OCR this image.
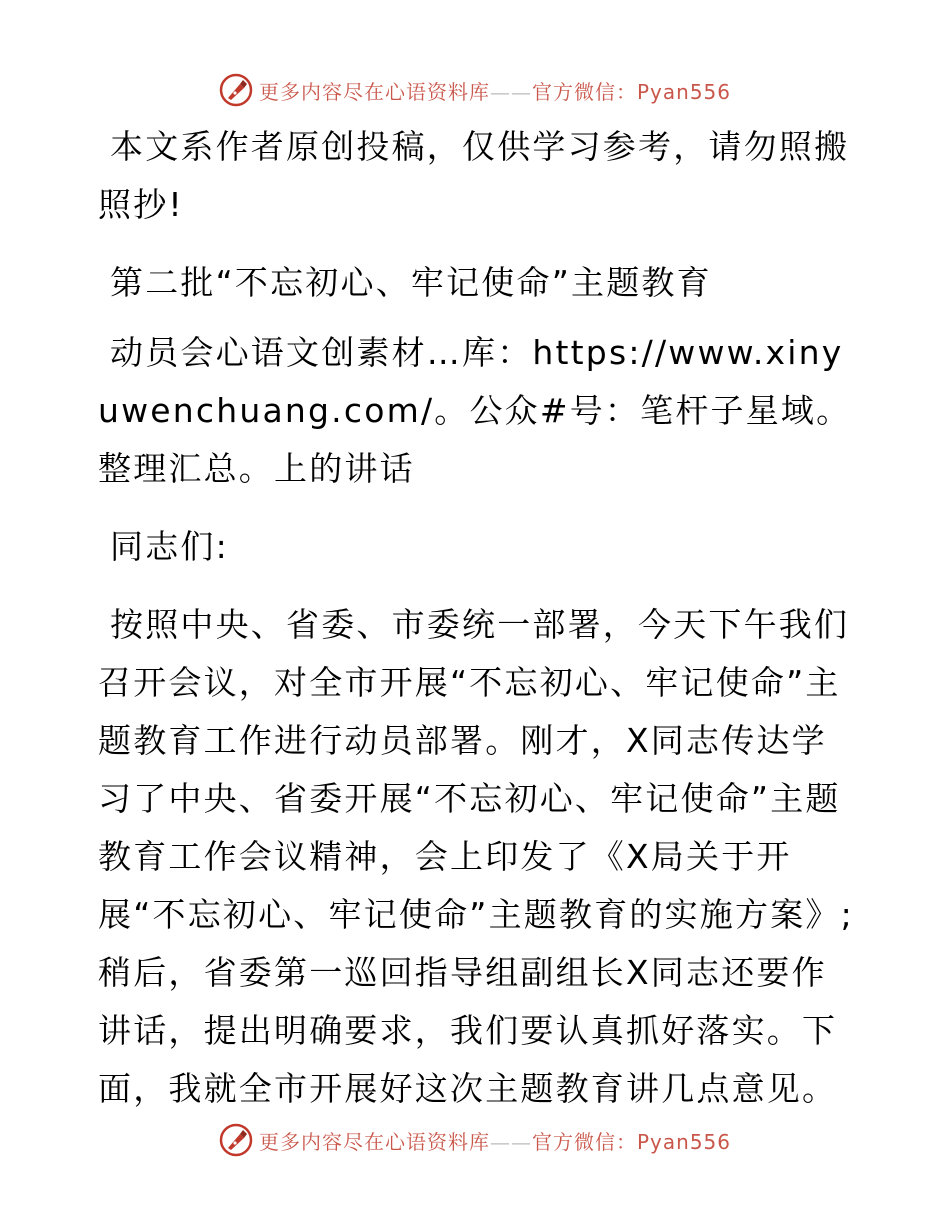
更多内容尽在心语资料库——官方微信：Pyan556

本文系作者原创投稿，仅供学习参考，请勿照搬照抄!

第二批“不忘初心、牢记使命”主题教育

动员会心语文创素材…库：https://www.xinyuwenchuang.com/。公众#号：笔杆子星域。整理汇总。上的讲话

同志们:

按照中央、省委、市委统一部署，今天下午我们召开会议，对全市开展“不忘初心、牢记使命”主题教育工作进行动员部署。刚才，X同志传达学习了中央、省委开展“不忘初心、牢记使命”主题教育工作会议精神，会上印发了《X局关于开展“不忘初心、牢记使命”主题教育的实施方案》;稍后，省委第一巡回指导组副组长X同志还要作讲话，提出明确要求，我们要认真抓好落实。下面，我就全市开展好这次主题教育讲几点意见。

更多内容尽在心语资料库——官方微信：Pyan556
